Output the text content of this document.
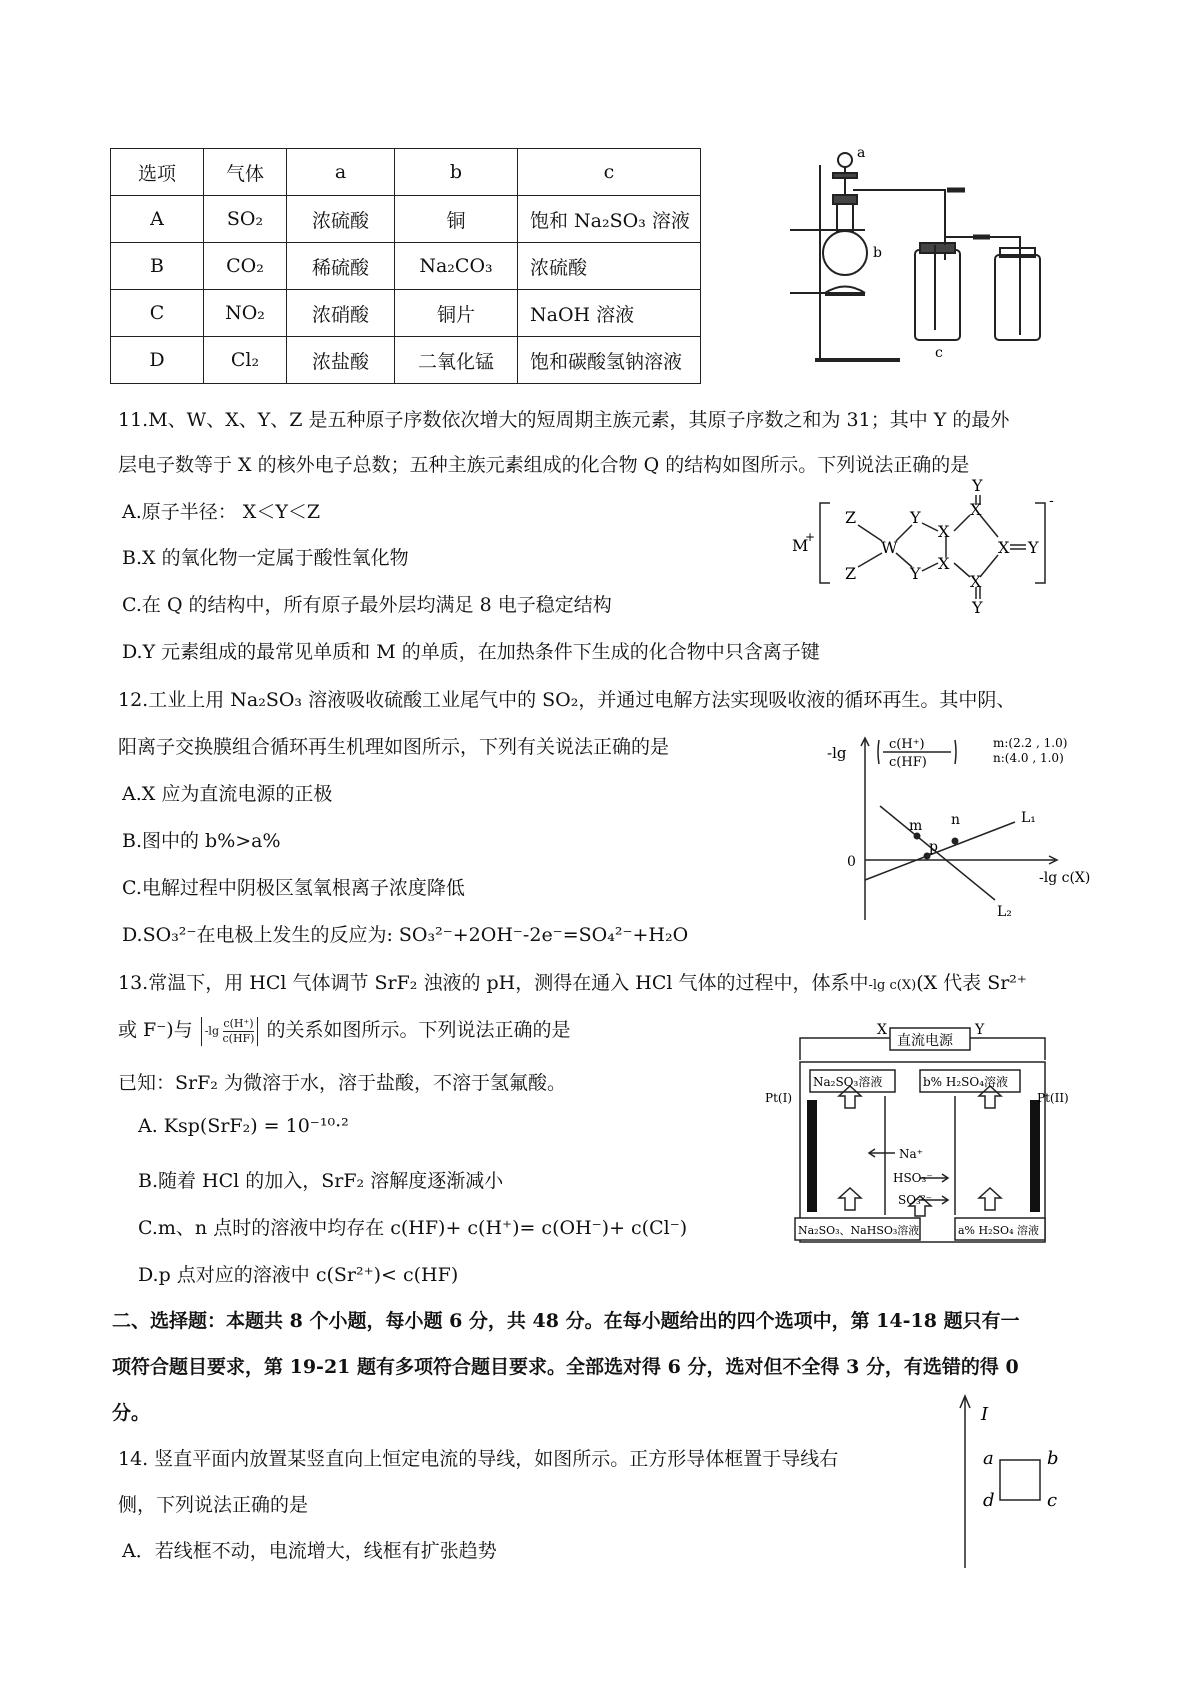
选项	气体	a	b	c
A	SO₂	浓硫酸	铜	饱和 Na₂SO₃ 溶液
B	CO₂	稀硫酸	Na₂CO₃	浓硫酸
C	NO₂	浓硝酸	铜片	NaOH 溶液
D	Cl₂	浓盐酸	二氧化锰	饱和碳酸氢钠溶液
a
b
c
11.M、W、X、Y、Z 是五种原子序数依次增大的短周期主族元素，其原子序数之和为 31；其中 Y 的最外
层电子数等于 X 的核外电子总数；五种主族元素组成的化合物 Q 的结构如图所示。下列说法正确的是
A.原子半径： X＜Y＜Z
B.X 的氧化物一定属于酸性氧化物
C.在 Q 的结构中，所有原子最外层均满足 8 电子稳定结构
D.Y 元素组成的最常见单质和 M 的单质，在加热条件下生成的化合物中只含离子键
M
+
Z
Z
W
Y
Y
X
X
X
X
X
Y
Y
Y
-
12.工业上用 Na₂SO₃ 溶液吸收硫酸工业尾气中的 SO₂，并通过电解方法实现吸收液的循环再生。其中阴、
阳离子交换膜组合循环再生机理如图所示，下列有关说法正确的是
A.X 应为直流电源的正极
B.图中的 b%>a%
C.电解过程中阴极区氢氧根离子浓度降低
D.SO₃²⁻在电极上发生的反应为: SO₃²⁻+2OH⁻-2e⁻=SO₄²⁻+H₂O
-lg	c(H⁺)
c(HF)
m:(2.2 , 1.0)
n:(4.0 , 1.0)
m n
p
L₁
L₂
0
-lg c(X)
13.常温下，用 HCl 气体调节 SrF₂ 浊液的 pH，测得在通入 HCl 气体的过程中，体系中-lg c(X)(X 代表 Sr²⁺
或 F⁻)与 $-\lg \frac{c(H^+)}{c(HF)}$ 的关系如图所示。下列说法正确的是
已知：SrF₂ 为微溶于水，溶于盐酸，不溶于氢氟酸。
A. Ksp(SrF₂) = 10⁻¹⁰·²
B.随着 HCl 的加入，SrF₂ 溶解度逐渐减小
C.m、n 点时的溶液中均存在 c(HF)+ c(H⁺)= c(OH⁻)+ c(Cl⁻)
D.p 点对应的溶液中 c(Sr²⁺)< c(HF)
X	Y
直流电源
Na₂SO₃溶液	b% H₂SO₄溶液
Pt(I)	Pt(II)
Na⁺
HSO₃⁻
SO₃²⁻
Na₂SO₃、NaHSO₃溶液	a% H₂SO₄ 溶液
二、选择题：本题共 8 个小题，每小题 6 分，共 48 分。在每小题给出的四个选项中，第 14-18 题只有一
项符合题目要求，第 19-21 题有多项符合题目要求。全部选对得 6 分，选对但不全得 3 分，有选错的得 0
分。
14. 竖直平面内放置某竖直向上恒定电流的导线，如图所示。正方形导体框置于导线右
侧，下列说法正确的是
A．若线框不动，电流增大，线框有扩张趋势
I
a	b
c
d
